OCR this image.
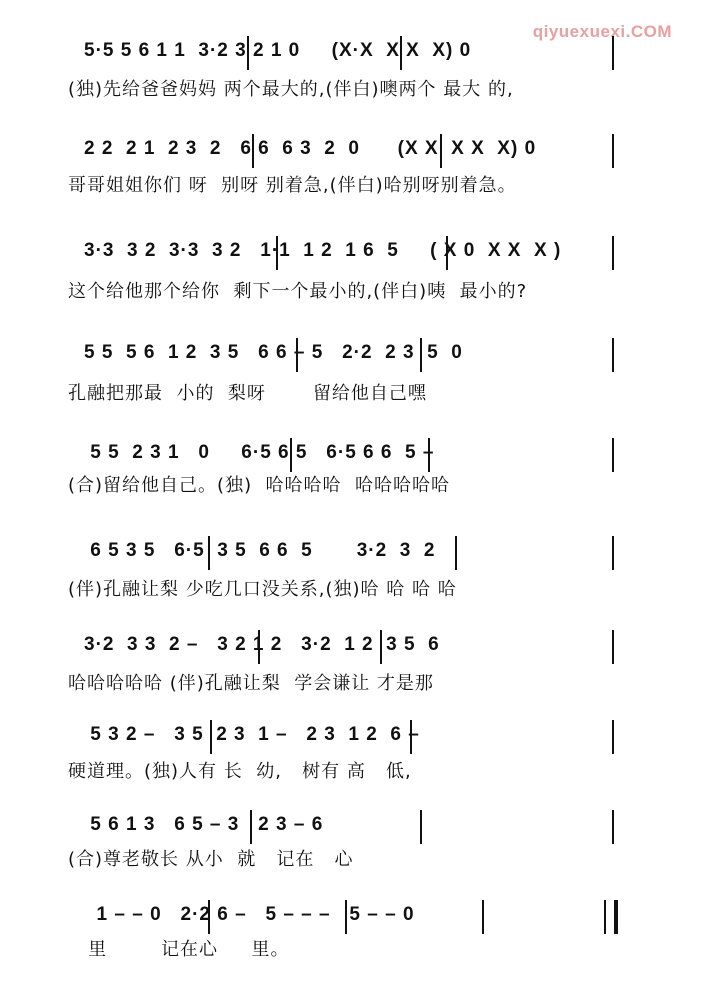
qiyuexuexi.COM
5·5 5 6 1 1  3·2 3 2 1 0     (X·X  X X  X) 0
(独)先给爸爸妈妈 两个最大的,(伴白)噢两个 最大 的,
2 2  2 1  2 3  2   6 6  6 3  2  0      (X X  X X  X) 0
哥哥姐姐你们 呀  别呀 别着急,(伴白)哈别呀别着急。
3·3  3 2  3·3  3 2   1·1  1 2  1 6  5     ( X 0  X X  X )
这个给他那个给你  剩下一个最小的,(伴白)咦  最小的?
5 5  5 6  1 2  3 5   6 6 – 5   2·2  2 3  5  0
孔融把那最  小的  梨呀       留给他自己嘿
5 5  2 3 1   0     6·5 6 5   6·5 6 6  5 –
(合)留给他自己。(独)  哈哈哈哈  哈哈哈哈哈
6 5 3 5   6·5  3 5  6 6  5       3·2  3  2
(伴)孔融让梨 少吃几口没关系,(独)哈 哈 哈 哈
3·2  3 3  2 –   3 2 1 2   3·2  1 2  3 5  6
哈哈哈哈哈 (伴)孔融让梨  学会谦让 才是那
5 3 2 –   3 5  2 3  1 –   2 3  1 2  6 –
硬道理。(独)人有 长  幼,   树有 高   低,
5 6 1 3   6 5 – 3   2 3 – 6
(合)尊老敬长 从小  就   记在   心
1 – – 0   2·2 6 –   5 – – –   5 – – 0
里        记在心     里。
